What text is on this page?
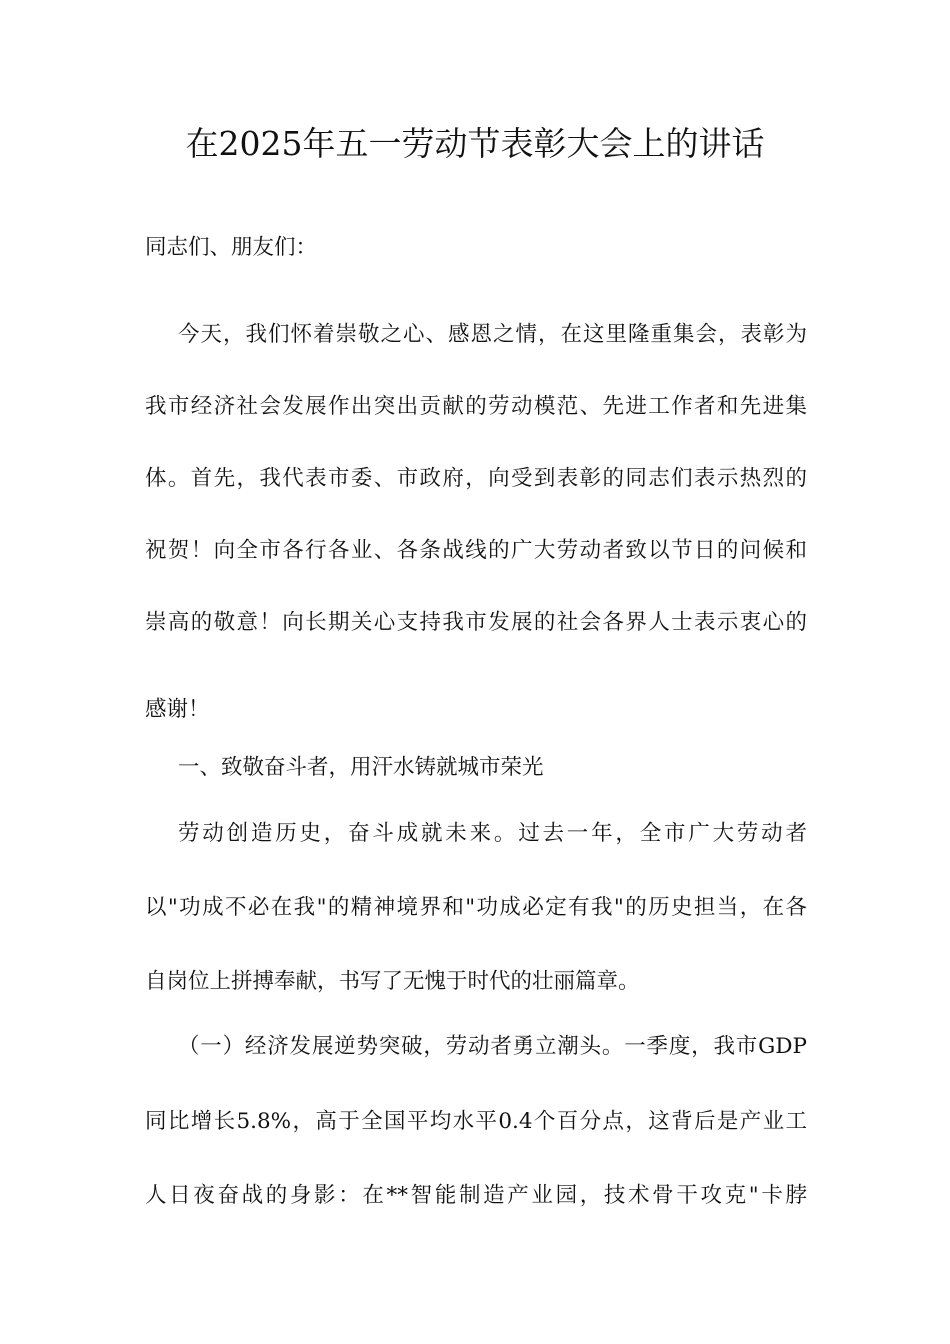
在2025年五一劳动节表彰大会上的讲话

同志们、朋友们：

今天，我们怀着崇敬之心、感恩之情，在这里隆重集会，表彰为

我市经济社会发展作出突出贡献的劳动模范、先进工作者和先进集

体。首先，我代表市委、市政府，向受到表彰的同志们表示热烈的

祝贺！向全市各行各业、各条战线的广大劳动者致以节日的问候和

崇高的敬意！向长期关心支持我市发展的社会各界人士表示衷心的

感谢！

一、致敬奋斗者，用汗水铸就城市荣光

劳动创造历史，奋斗成就未来。过去一年，全市广大劳动者

以"功成不必在我"的精神境界和"功成必定有我"的历史担当，在各

自岗位上拼搏奉献，书写了无愧于时代的壮丽篇章。

（一）经济发展逆势突破，劳动者勇立潮头。一季度，我市GDP

同比增长5.8%，高于全国平均水平0.4个百分点，这背后是产业工

人日夜奋战的身影：在**智能制造产业园，技术骨干攻克"卡脖
